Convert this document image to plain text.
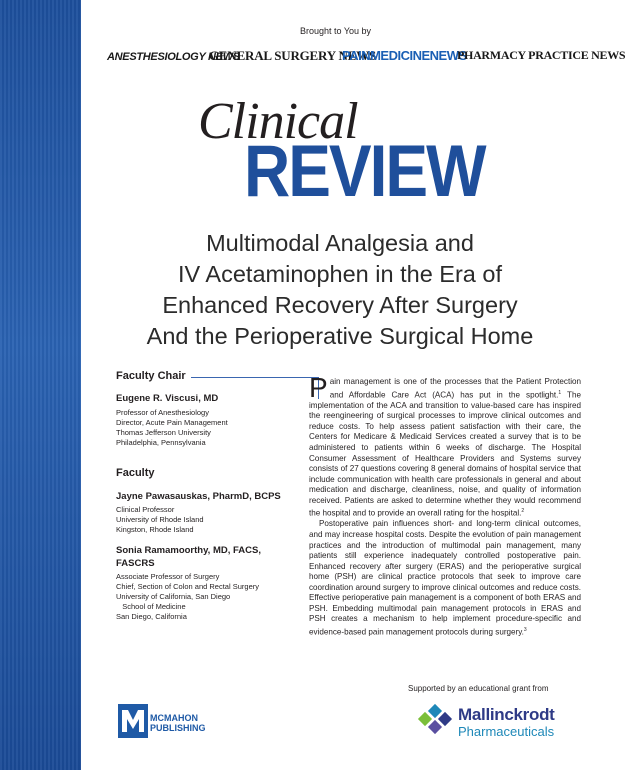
Brought to You by
ANESTHESIOLOGY NEWS
GENERAL SURGERY NEWS
PAINMEDICINENEWS
PHARMACY PRACTICE NEWS
Clinical
REVIEW
Multimodal Analgesia and
IV Acetaminophen in the Era of
Enhanced Recovery After Surgery
And the Perioperative Surgical Home

Faculty Chair

Eugene R. Viscusi, MD

Professor of Anesthesiology

Director, Acute Pain Management

Thomas Jefferson University

Philadelphia, Pennsylvania

Faculty

Jayne Pawasauskas, PharmD, BCPS

Clinical Professor

University of Rhode Island

Kingston, Rhode Island

Sonia Ramamoorthy, MD, FACS,

FASCRS

Associate Professor of Surgery

Chief, Section of Colon and Rectal Surgery

University of California, San Diego

School of Medicine

San Diego, California

Pain management is one of the processes that the Patient Protection and Affordable Care Act (ACA) has put in the spotlight.$^1$ The implementation of the ACA and transition to value-based care has inspired the reengineering of surgical processes to improve clinical outcomes and reduce costs. To help assess patient satisfaction with their care, the Centers for Medicare & Medicaid Services created a survey that is to be administered to patients within 6 weeks of discharge. The Hospital Consumer Assessment of Healthcare Providers and Systems survey consists of 27 questions covering 8 general domains of hospital service that include communication with health care professionals in general and about medication and discharge, cleanliness, noise, and quality of information received. Patients are asked to determine whether they would recommend the hospital and to provide an overall rating for the hospital.$^2$

Postoperative pain influences short- and long-term clinical outcomes, and may increase hospital costs. Despite the evolution of pain management practices and the introduction of multimodal pain management, many patients still experience inadequately controlled postoperative pain. Enhanced recovery after surgery (ERAS) and the perioperative surgical home (PSH) are clinical practice protocols that seek to improve care coordination around surgery to improve clinical outcomes and reduce costs. Effective perioperative pain management is a component of both ERAS and PSH. Embedding multimodal pain management protocols in ERAS and PSH creates a mechanism to help implement procedure-specific and evidence-based pain management protocols during surgery.$^3$

Supported by an educational grant from
MCMAHON
PUBLISHING
Mallinckrodt
Pharmaceuticals
